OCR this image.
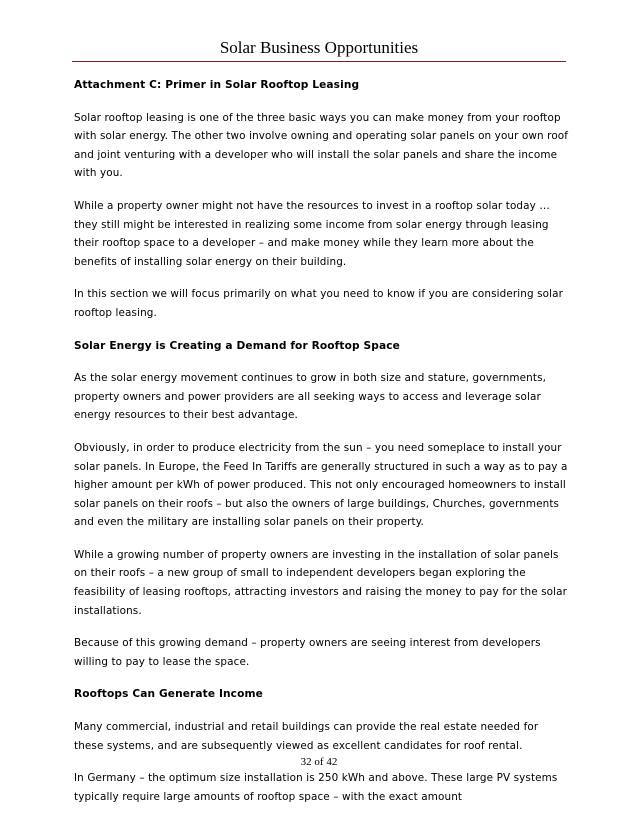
Solar Business Opportunities
Attachment C: Primer in Solar Rooftop Leasing

Solar rooftop leasing is one of the three basic ways you can make money from your rooftop with solar energy. The other two involve owning and operating solar panels on your own roof and joint venturing with a developer who will install the solar panels and share the income with you.

While a property owner might not have the resources to invest in a rooftop solar today … they still might be interested in realizing some income from solar energy through leasing their rooftop space to a developer – and make money while they learn more about the benefits of installing solar energy on their building.

In this section we will focus primarily on what you need to know if you are considering solar rooftop leasing.

Solar Energy is Creating a Demand for Rooftop Space

As the solar energy movement continues to grow in both size and stature, governments, property owners and power providers are all seeking ways to access and leverage solar energy resources to their best advantage.

Obviously, in order to produce electricity from the sun – you need someplace to install your solar panels. In Europe, the Feed In Tariffs are generally structured in such a way as to pay a higher amount per kWh of power produced. This not only encouraged homeowners to install solar panels on their roofs – but also the owners of large buildings, Churches, governments and even the military are installing solar panels on their property.

While a growing number of property owners are investing in the installation of solar panels on their roofs – a new group of small to independent developers began exploring the feasibility of leasing rooftops, attracting investors and raising the money to pay for the solar installations.

Because of this growing demand – property owners are seeing interest from developers willing to pay to lease the space.

Rooftops Can Generate Income

Many commercial, industrial and retail buildings can provide the real estate needed for these systems, and are subsequently viewed as excellent candidates for roof rental.

In Germany – the optimum size installation is 250 kWh and above. These large PV systems typically require large amounts of rooftop space – with the exact amount

32 of 42
